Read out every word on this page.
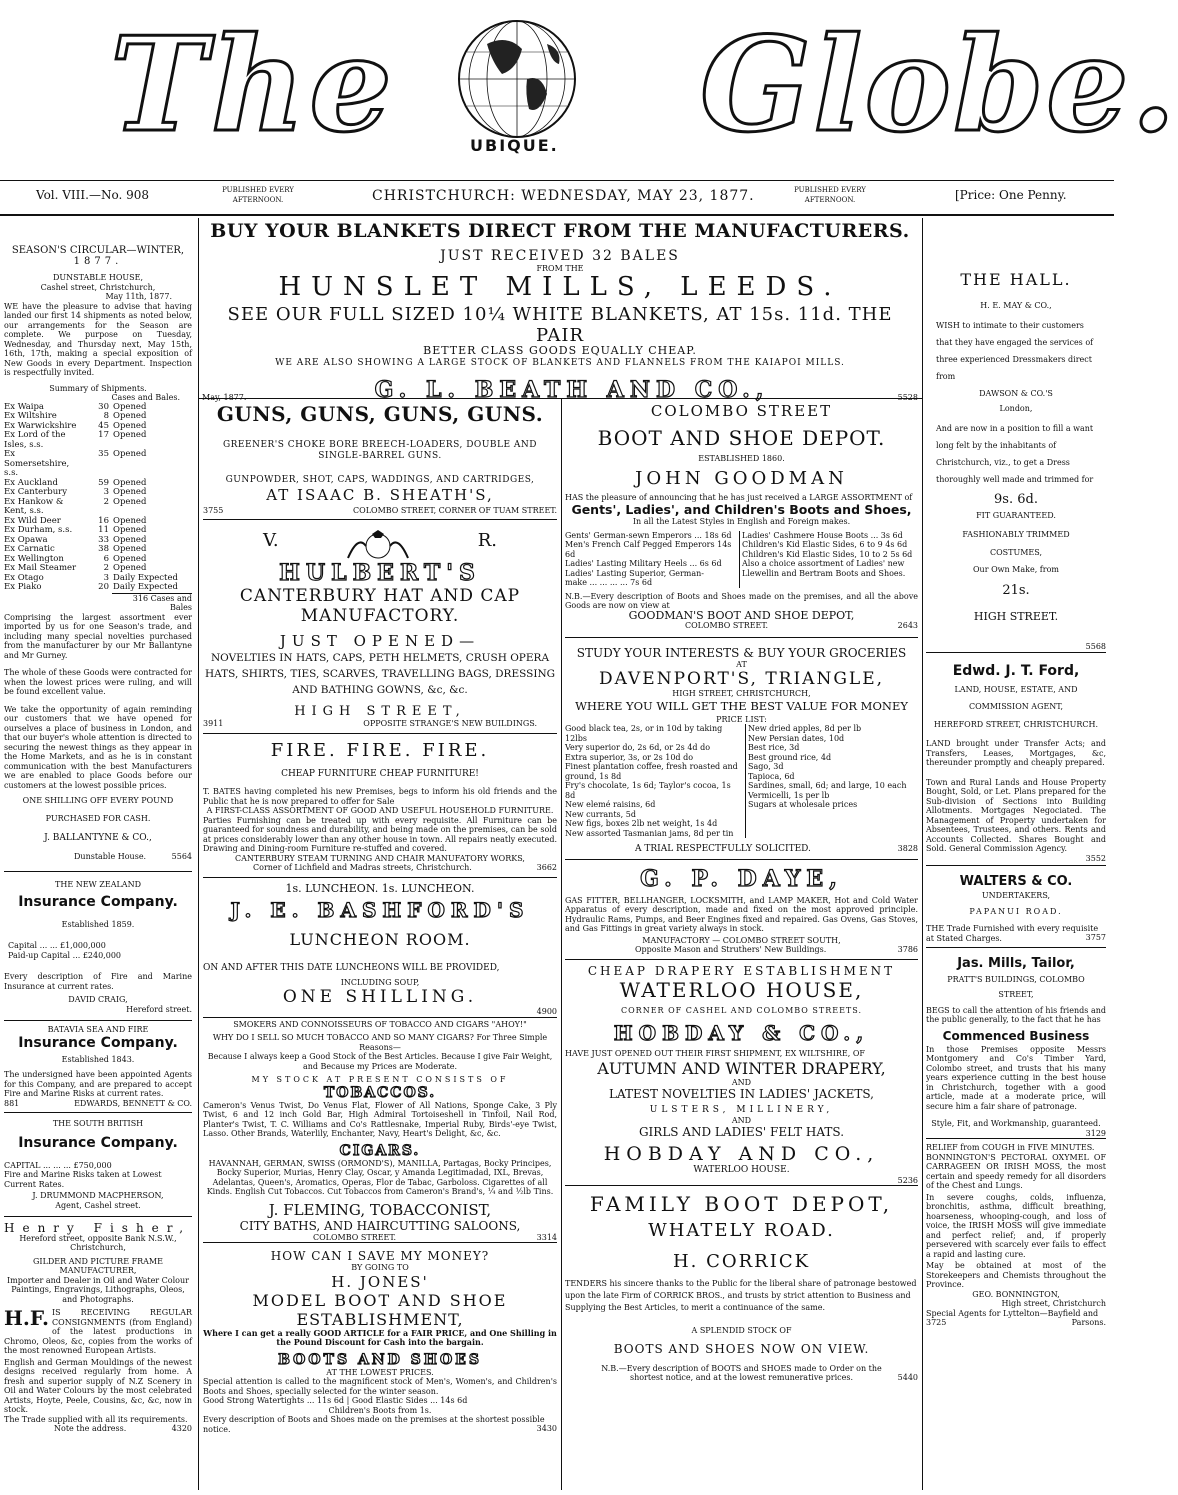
The	UBIQUE. Globe.
Vol. VIII.—No. 908	PUBLISHED EVERY AFTERNOON.	CHRISTCHURCH: WEDNESDAY, MAY 23, 1877.	PUBLISHED EVERY AFTERNOON.	[Price: One Penny.
SEASON'S CIRCULAR—WINTER,
1877.
DUNSTABLE HOUSE,
Cashel street, Christchurch,
May 11th, 1877.

WE have the pleasure to advise that having landed our first 14 shipments as noted below, our arrangements for the Season are complete. We purpose on Tuesday, Wednesday, and Thursday next, May 15th, 16th, 17th, making a special exposition of New Goods in every Department. Inspection is respectfully invited.

Summary of Shipments.
Cases and Bales.
Ex Waipa	30 Opened
Ex Wiltshire	8 Opened
Ex Warwickshire	45 Opened
Ex Lord of the Isles, s.s.
17 Opened
Ex Somersetshire, s.s.
35 Opened
Ex Auckland	59 Opened
Ex Canterbury	3 Opened
Ex Hankow & Kent, s.s.
2 Opened
Ex Wild Deer	16 Opened
Ex Durham, s.s.	11 Opened
Ex Opawa	33 Opened
Ex Carnatic	38 Opened
Ex Wellington	6 Opened
Ex Mail Steamer	2 Opened
Ex Otago	3 Daily Expected
Ex Piako	20 Daily Expected
316 Cases and Bales

Comprising the largest assortment ever imported by us for one Season's trade, and including many special novelties purchased from the manufacturer by our Mr Ballantyne and Mr Gurney.

The whole of these Goods were contracted for when the lowest prices were ruling, and will be found excellent value.

We take the opportunity of again reminding our customers that we have opened for ourselves a place of business in London, and that our buyer's whole attention is directed to securing the newest things as they appear in the Home Markets, and as he is in constant communication with the best Manufacturers we are enabled to place Goods before our customers at the lowest possible prices.

ONE SHILLING OFF EVERY POUND
PURCHASED FOR CASH.
J. BALLANTYNE & CO.,
Dunstable House.	5564
THE NEW ZEALAND
Insurance Company.
Established 1859.
Capital ... ... £1,000,000
Paid-up Capital ... £240,000

Every description of Fire and Marine Insurance at current rates.

DAVID CRAIG,
Hereford street.
BATAVIA SEA AND FIRE
Insurance Company.
Established 1843.

The undersigned have been appointed Agents for this Company, and are prepared to accept Fire and Marine Risks at current rates.

881	EDWARDS, BENNETT & CO.
THE SOUTH BRITISH
Insurance Company.
CAPITAL ... ... ... £750,000

Fire and Marine Risks taken at Lowest Current Rates.

J. DRUMMOND MACPHERSON,
Agent, Cashel street.
Henry Fisher,
Hereford street, opposite Bank N.S.W., Christchurch,
GILDER AND PICTURE FRAME MANUFACTURER,

Importer and Dealer in Oil and Water Colour Paintings, Engravings, Lithographs, Oleos, and Photographs.

H.F. IS RECEIVING REGULAR CONSIGNMENTS (from England) of the latest productions in Chromo, Oleos, &c, copies from the works of the most renowned European Artists.

English and German Mouldings of the newest designs received regularly from home. A fresh and superior supply of N.Z Scenery in Oil and Water Colours by the most celebrated Artists, Hoyte, Peele, Cousins, &c, &c, now in stock.

The Trade supplied with all its requirements.

Note the address.	4320
BUY YOUR BLANKETS DIRECT FROM THE MANUFACTURERS.
JUST RECEIVED 32 BALES
FROM THE
HUNSLET MILLS, LEEDS.
SEE OUR FULL SIZED 10¼ WHITE BLANKETS, AT 15s. 11d. THE PAIR
BETTER CLASS GOODS EQUALLY CHEAP.
WE ARE ALSO SHOWING A LARGE STOCK OF BLANKETS AND FLANNELS FROM THE KAIAPOI MILLS.
May, 1877.	G. L. BEATH AND CO.,	5528
GUNS, GUNS, GUNS, GUNS.

GREENER'S CHOKE BORE BREECH-LOADERS, DOUBLE AND SINGLE-BARREL GUNS.

GUNPOWDER, SHOT, CAPS, WADDINGS, AND CARTRIDGES,

AT ISAAC B. SHEATH'S,
3755	COLOMBO STREET, CORNER OF TUAM STREET.
V.	R.
HULBERT'S
CANTERBURY HAT AND CAP
MANUFACTORY.
JUST OPENED—

NOVELTIES IN HATS, CAPS, PETH HELMETS, CRUSH OPERA HATS, SHIRTS, TIES, SCARVES, TRAVELLING BAGS, DRESSING AND BATHING GOWNS, &c, &c.

HIGH STREET,
3911	OPPOSITE STRANGE'S NEW BUILDINGS.
FIRE. FIRE. FIRE.
CHEAP FURNITURE CHEAP FURNITURE!

T. BATES having completed his new Premises, begs to inform his old friends and the Public that he is now prepared to offer for Sale

A FIRST-CLASS ASSORTMENT OF GOOD AND USEFUL HOUSEHOLD FURNITURE.

Parties Furnishing can be treated up with every requisite. All Furniture can be guaranteed for soundness and durability, and being made on the premises, can be sold at prices considerably lower than any other house in town. All repairs neatly executed. Drawing and Dining-room Furniture re-stuffed and covered.

CANTERBURY STEAM TURNING AND CHAIR MANUFATORY WORKS,
Corner of Lichfield and Madras streets, Christchurch.	3662
1s. LUNCHEON. 1s. LUNCHEON.
J. E. BASHFORD'S
LUNCHEON ROOM.

ON AND AFTER THIS DATE LUNCHEONS WILL BE PROVIDED,

INCLUDING SOUP,
ONE SHILLING.
4900
SMOKERS AND CONNOISSEURS OF TOBACCO AND CIGARS "AHOY!"

WHY DO I SELL SO MUCH TOBACCO AND SO MANY CIGARS? For Three Simple Reasons—

Because I always keep a Good Stock of the Best Articles. Because I give Fair Weight, and Because my Prices are Moderate.

MY STOCK AT PRESENT CONSISTS OF
TOBACCOS.

Cameron's Venus Twist, Do Venus Flat, Flower of All Nations, Sponge Cake, 3 Ply Twist, 6 and 12 inch Gold Bar, High Admiral Tortoiseshell in Tinfoil, Nail Rod, Planter's Twist, T. C. Williams and Co's Rattlesnake, Imperial Ruby, Birds'-eye Twist, Lasso. Other Brands, Waterlily, Enchanter, Navy, Heart's Delight, &c, &c.

CIGARS.

HAVANNAH, GERMAN, SWISS (ORMOND'S), MANILLA, Partagas, Bocky Principes, Bocky Superior, Murias, Henry Clay, Oscar, y Amanda Legitimadad, IXL, Brevas, Adelantas, Queen's, Aromatics, Operas, Flor de Tabac, Garboloss. Cigarettes of all Kinds. English Cut Tobaccos. Cut Tobaccos from Cameron's Brand's, ¼ and ½lb Tins.

J. FLEMING, TOBACCONIST,
CITY BATHS, AND HAIRCUTTING SALOONS,
COLOMBO STREET.	3314
HOW CAN I SAVE MY MONEY?
BY GOING TO
H. JONES'
MODEL BOOT AND SHOE
ESTABLISHMENT,

Where I can get a really GOOD ARTICLE for a FAIR PRICE, and One Shilling in the Pound Discount for Cash into the bargain.

BOOTS AND SHOES
AT THE LOWEST PRICES.

Special attention is called to the magnificent stock of Men's, Women's, and Children's Boots and Shoes, specially selected for the winter season.

Good Strong Watertights ... 11s 6d | Good Elastic Sides ... 14s 6d
Children's Boots from 1s.

Every description of Boots and Shoes made on the premises at the shortest possible notice.	3430
COLOMBO STREET
BOOT AND SHOE DEPOT.
ESTABLISHED 1860.
JOHN GOODMAN

HAS the pleasure of announcing that he has just received a LARGE ASSORTMENT of

Gents', Ladies', and Children's Boots and Shoes,
In all the Latest Styles in English and Foreign makes.
Gents' German-sewn Emperors ... 18s 6d
Men's French Calf Pegged Emperors 14s 6d
Ladies' Lasting Military Heels ... 6s 6d
Ladies' Lasting Superior, German-
make ... ... ... ... 7s 6d
Ladies' Cashmere House Boots ... 3s 6d
Children's Kid Elastic Sides, 6 to 9 4s 6d
Children's Kid Elastic Sides, 10 to 2 5s 6d
Also a choice assortment of Ladies' new
Llewellin and Bertram Boots and Shoes.

N.B.—Every description of Boots and Shoes made on the premises, and all the above Goods are now on view at

GOODMAN'S BOOT AND SHOE DEPOT,
COLOMBO STREET.	2643
STUDY YOUR INTERESTS & BUY YOUR GROCERIES
AT
DAVENPORT'S, TRIANGLE,
HIGH STREET, CHRISTCHURCH,
WHERE YOU WILL GET THE BEST VALUE FOR MONEY
PRICE LIST:
Good black tea, 2s, or in 10d by taking 12lbs
Very superior do, 2s 6d, or 2s 4d do
Extra superior, 3s, or 2s 10d do
Finest plantation coffee, fresh roasted and
ground, 1s 8d
Fry's chocolate, 1s 6d; Taylor's cocoa, 1s 8d
New elemé raisins, 6d
New currants, 5d
New figs, boxes 2lb net weight, 1s 4d
New assorted Tasmanian jams, 8d per tin
New dried apples, 8d per lb
New Persian dates, 10d
Best rice, 3d
Best ground rice, 4d
Sago, 3d
Tapioca, 6d
Sardines, small, 6d; and large, 10 each
Vermicelli, 1s per lb
Sugars at wholesale prices
A TRIAL RESPECTFULLY SOLICITED.	3828
G. P. DAYE,

GAS FITTER, BELLHANGER, LOCKSMITH, and LAMP MAKER, Hot and Cold Water Apparatus of every description, made and fixed on the most approved principle. Hydraulic Rams, Pumps, and Beer Engines fixed and repaired. Gas Ovens, Gas Stoves, and Gas Fittings in great variety always in stock.

MANUFACTORY — COLOMBO STREET SOUTH,
Opposite Mason and Struthers' New Buildings.	3786
CHEAP DRAPERY ESTABLISHMENT
WATERLOO HOUSE,
CORNER OF CASHEL AND COLOMBO STREETS.
HOBDAY & CO.,

HAVE JUST OPENED OUT THEIR FIRST SHIPMENT, EX WILTSHIRE, OF

AUTUMN AND WINTER DRAPERY,
AND
LATEST NOVELTIES IN LADIES' JACKETS,
ULSTERS, MILLINERY,
AND
GIRLS AND LADIES' FELT HATS.
HOBDAY AND CO.,
WATERLOO HOUSE.
5236
FAMILY BOOT DEPOT,
WHATELY ROAD.
H. CORRICK

TENDERS his sincere thanks to the Public for the liberal share of patronage bestowed upon the late Firm of CORRICK BROS., and trusts by strict attention to Business and Supplying the Best Articles, to merit a continuance of the same.

A SPLENDID STOCK OF
BOOTS AND SHOES NOW ON VIEW.

N.B.—Every description of BOOTS and SHOES made to Order on the shortest notice, and at the lowest remunerative prices.	5440
THE HALL.
H. E. MAY & CO.,

WISH to intimate to their customers that they have engaged the services of three experienced Dressmakers direct from

DAWSON & CO.'S
London,

And are now in a position to fill a want long felt by the inhabitants of Christchurch, viz., to get a Dress thoroughly well made and trimmed for

9s. 6d.
FIT GUARANTEED.
FASHIONABLY TRIMMED
COSTUMES,
Our Own Make, from
21s.
HIGH STREET.
5568
Edwd. J. T. Ford,
LAND, HOUSE, ESTATE, AND
COMMISSION AGENT,
HEREFORD STREET, CHRISTCHURCH.

LAND brought under Transfer Acts; and Transfers, Leases, Mortgages, &c, thereunder promptly and cheaply prepared.

Town and Rural Lands and House Property Bought, Sold, or Let. Plans prepared for the Sub-division of Sections into Building Allotments. Mortgages Negociated. The Management of Property undertaken for Absentees, Trustees, and others. Rents and Accounts Collected. Shares Bought and Sold. General Commission Agency.

3552
WALTERS & CO.
UNDERTAKERS,
PAPANUI ROAD.

THE Trade Furnished with every requisite at Stated Charges.	3757
Jas. Mills, Tailor,
PRATT'S BUILDINGS, COLOMBO
STREET,

BEGS to call the attention of his friends and the public generally, to the fact that he has

Commenced Business

In those Premises opposite Messrs Montgomery and Co's Timber Yard, Colombo street, and trusts that his many years experience cutting in the best house in Christchurch, together with a good article, made at a moderate price, will secure him a fair share of patronage.

Style, Fit, and Workmanship, guaranteed.
3129
RELIEF from COUGH in FIVE MINUTES.

BONNINGTON'S PECTORAL OXYMEL OF CARRAGEEN OR IRISH MOSS, the most certain and speedy remedy for all disorders of the Chest and Lungs.

In severe coughs, colds, influenza, bronchitis, asthma, difficult breathing, hoarseness, whooping-cough, and loss of voice, the IRISH MOSS will give immediate and perfect relief; and, if properly persevered with scarcely ever fails to effect a rapid and lasting cure.

May be obtained at most of the Storekeepers and Chemists throughout the Province.

GEO. BONNINGTON,
High street, Christchurch
Special Agents for Lyttelton—Bayfield and
3725	Parsons.
